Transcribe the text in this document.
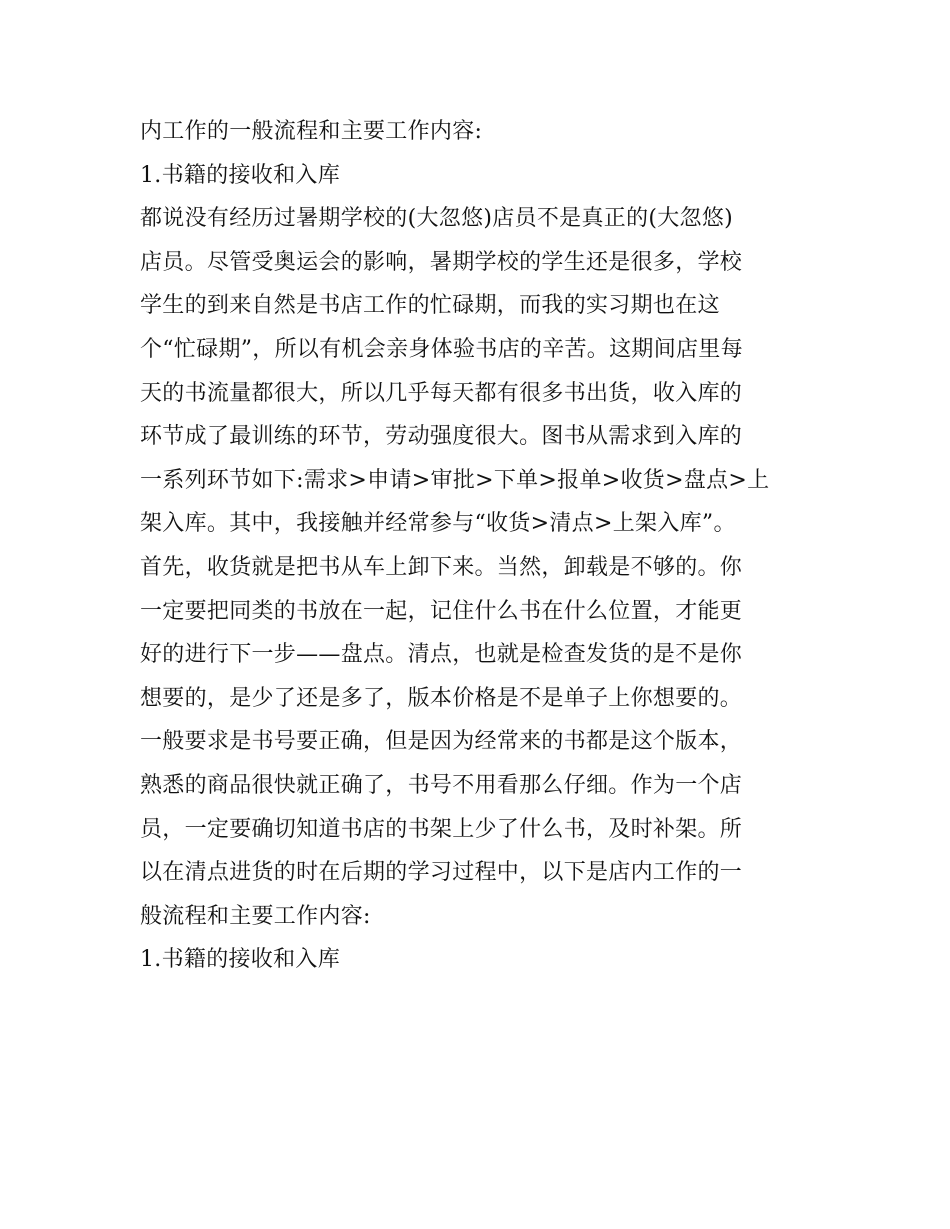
内工作的一般流程和主要工作内容:
1.书籍的接收和入库
都说没有经历过暑期学校的(大忽悠)店员不是真正的(大忽悠)
店员。尽管受奥运会的影响，暑期学校的学生还是很多，学校
学生的到来自然是书店工作的忙碌期，而我的实习期也在这
个“忙碌期”，所以有机会亲身体验书店的辛苦。这期间店里每
天的书流量都很大，所以几乎每天都有很多书出货，收入库的
环节成了最训练的环节，劳动强度很大。图书从需求到入库的
一系列环节如下:需求>申请>审批>下单>报单>收货>盘点>上
架入库。其中，我接触并经常参与“收货>清点>上架入库”。
首先，收货就是把书从车上卸下来。当然，卸载是不够的。你
一定要把同类的书放在一起，记住什么书在什么位置，才能更
好的进行下一步——盘点。清点，也就是检查发货的是不是你
想要的，是少了还是多了，版本价格是不是单子上你想要的。
一般要求是书号要正确，但是因为经常来的书都是这个版本，
熟悉的商品很快就正确了，书号不用看那么仔细。作为一个店
员，一定要确切知道书店的书架上少了什么书，及时补架。所
以在清点进货的时在后期的学习过程中，以下是店内工作的一
般流程和主要工作内容:
1.书籍的接收和入库
